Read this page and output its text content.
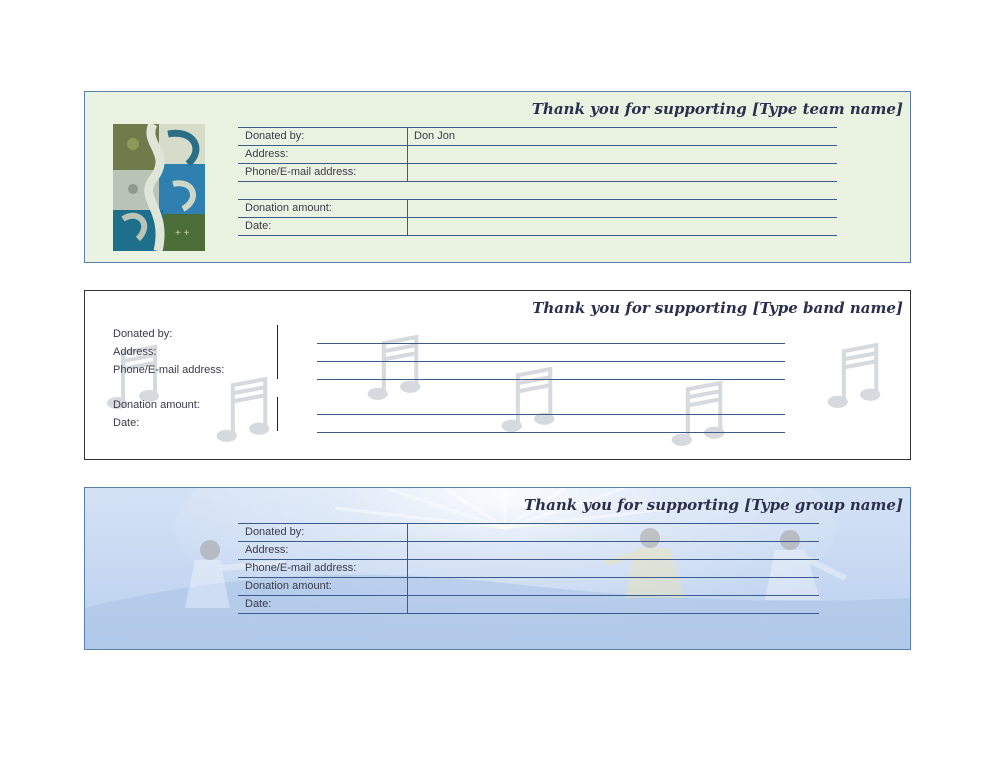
Thank you for supporting [Type team name]
+ +
Donated by:	Don Jon
Address:
Phone/E-mail address:
Donation amount:
Date:
Thank you for supporting [Type band name]
Donated by:
Address:
Phone/E-mail address:
Donation amount:
Date:
Thank you for supporting [Type group name]
Donated by:
Address:
Phone/E-mail address:
Donation amount:
Date:
